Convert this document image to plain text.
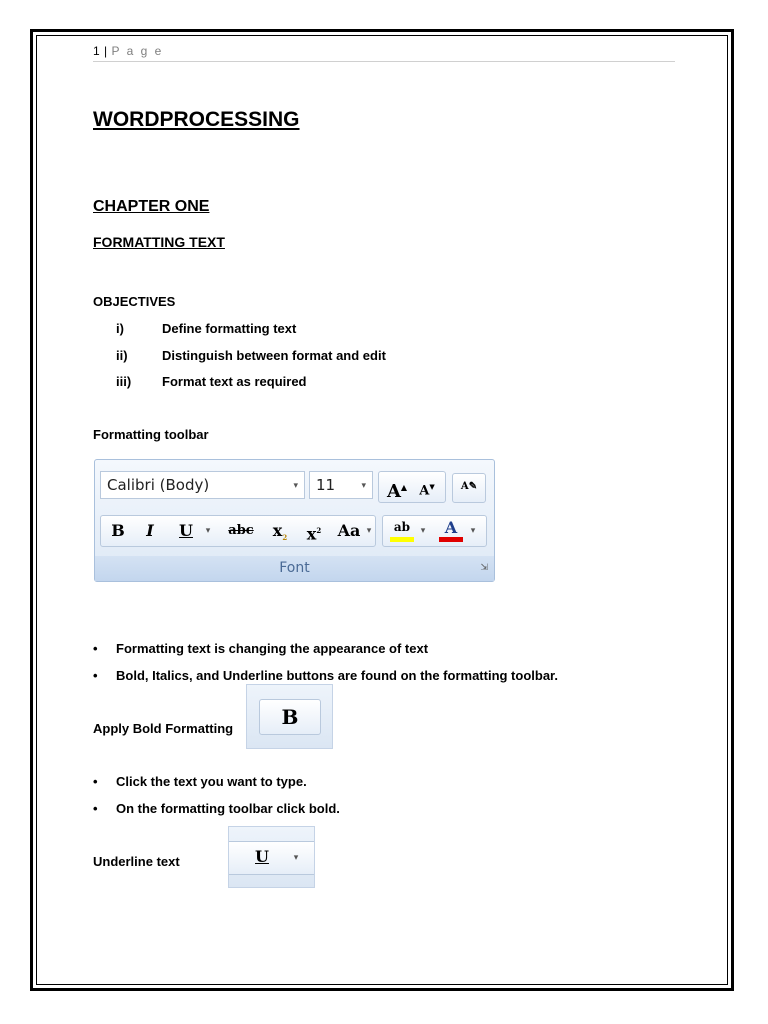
1 | P a g e
WORDPROCESSING
CHAPTER ONE
FORMATTING TEXT
OBJECTIVES
i)	Define formatting text
ii)	Distinguish between format and edit
iii) Format text as required
Formatting toolbar
Calibri (Body)	▾	11	▾ A▲ A▼	A✎
B	I	U	▾	abc	$x_2$	$x^2$	Aa ▾	ab	▾	A	▾
Font	⇲
• Formatting text is changing the appearance of text
• Bold, Italics, and Underline buttons are found on the formatting toolbar.
Apply Bold Formatting	B
• Click the text you want to type.
• On the formatting toolbar click bold.
Underline text	U	▾
